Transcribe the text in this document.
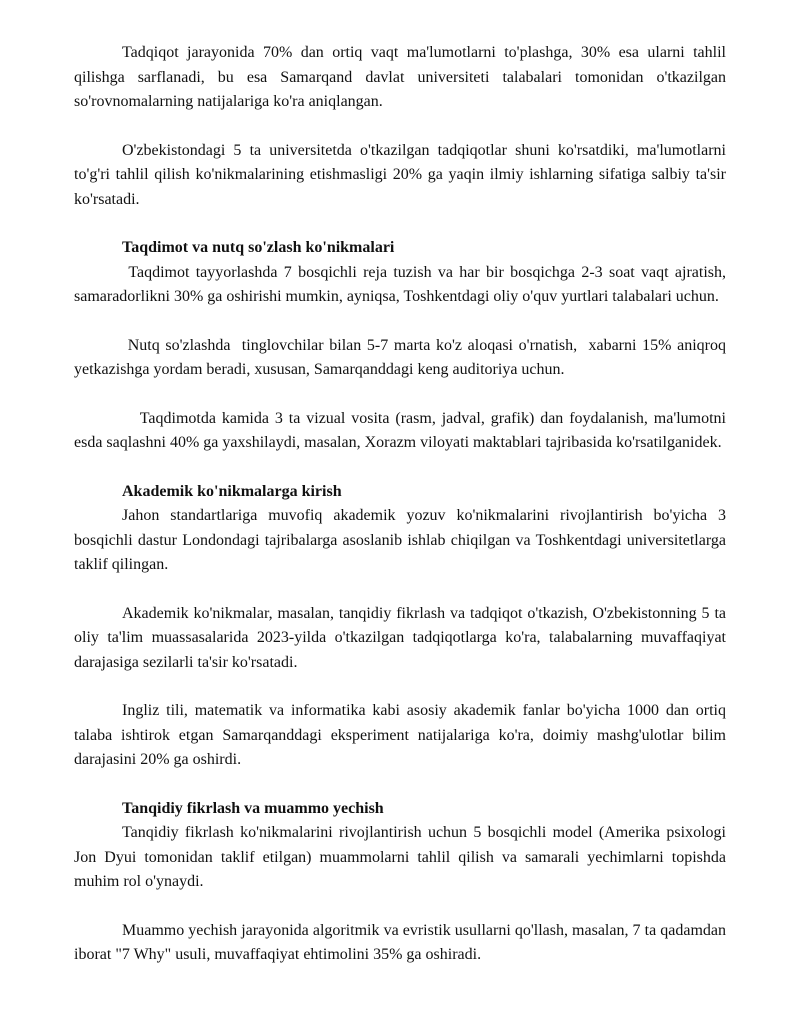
Tadqiqot jarayonida 70% dan ortiq vaqt ma'lumotlarni to'plashga, 30% esa ularni tahlil qilishga sarflanadi, bu esa Samarqand davlat universiteti talabalari tomonidan o'tkazilgan so'rovnomalarning natijalariga ko'ra aniqlangan.

O'zbekistondagi 5 ta universitetda o'tkazilgan tadqiqotlar shuni ko'rsatdiki, ma'lumotlarni to'g'ri tahlil qilish ko'nikmalarining etishmasligi 20% ga yaqin ilmiy ishlarning sifatiga salbiy ta'sir ko'rsatadi.

Taqdimot va nutq so'zlash ko'nikmalari

Taqdimot tayyorlashda 7 bosqichli reja tuzish va har bir bosqichga 2-3 soat vaqt ajratish, samaradorlikni 30% ga oshirishi mumkin, ayniqsa, Toshkentdagi oliy o'quv yurtlari talabalari uchun.

Nutq so'zlashda  tinglovchilar bilan 5-7 marta ko'z aloqasi o'rnatish,  xabarni 15% aniqroq yetkazishga yordam beradi, xususan, Samarqanddagi keng auditoriya uchun.

Taqdimotda kamida 3 ta vizual vosita (rasm, jadval, grafik) dan foydalanish, ma'lumotni esda saqlashni 40% ga yaxshilaydi, masalan, Xorazm viloyati maktablari tajribasida ko'rsatilganidek.

Akademik ko'nikmalarga kirish

Jahon standartlariga muvofiq akademik yozuv ko'nikmalarini rivojlantirish bo'yicha 3 bosqichli dastur Londondagi tajribalarga asoslanib ishlab chiqilgan va Toshkentdagi universitetlarga taklif qilingan.

Akademik ko'nikmalar, masalan, tanqidiy fikrlash va tadqiqot o'tkazish, O'zbekistonning 5 ta oliy ta'lim muassasalarida 2023-yilda o'tkazilgan tadqiqotlarga ko'ra, talabalarning muvaffaqiyat darajasiga sezilarli ta'sir ko'rsatadi.

Ingliz tili, matematik va informatika kabi asosiy akademik fanlar bo'yicha 1000 dan ortiq talaba ishtirok etgan Samarqanddagi eksperiment natijalariga ko'ra, doimiy mashg'ulotlar bilim darajasini 20% ga oshirdi.

Tanqidiy fikrlash va muammo yechish

Tanqidiy fikrlash ko'nikmalarini rivojlantirish uchun 5 bosqichli model (Amerika psixologi Jon Dyui tomonidan taklif etilgan) muammolarni tahlil qilish va samarali yechimlarni topishda muhim rol o'ynaydi.

Muammo yechish jarayonida algoritmik va evristik usullarni qo'llash, masalan, 7 ta qadamdan iborat "7 Why" usuli, muvaffaqiyat ehtimolini 35% ga oshiradi.
